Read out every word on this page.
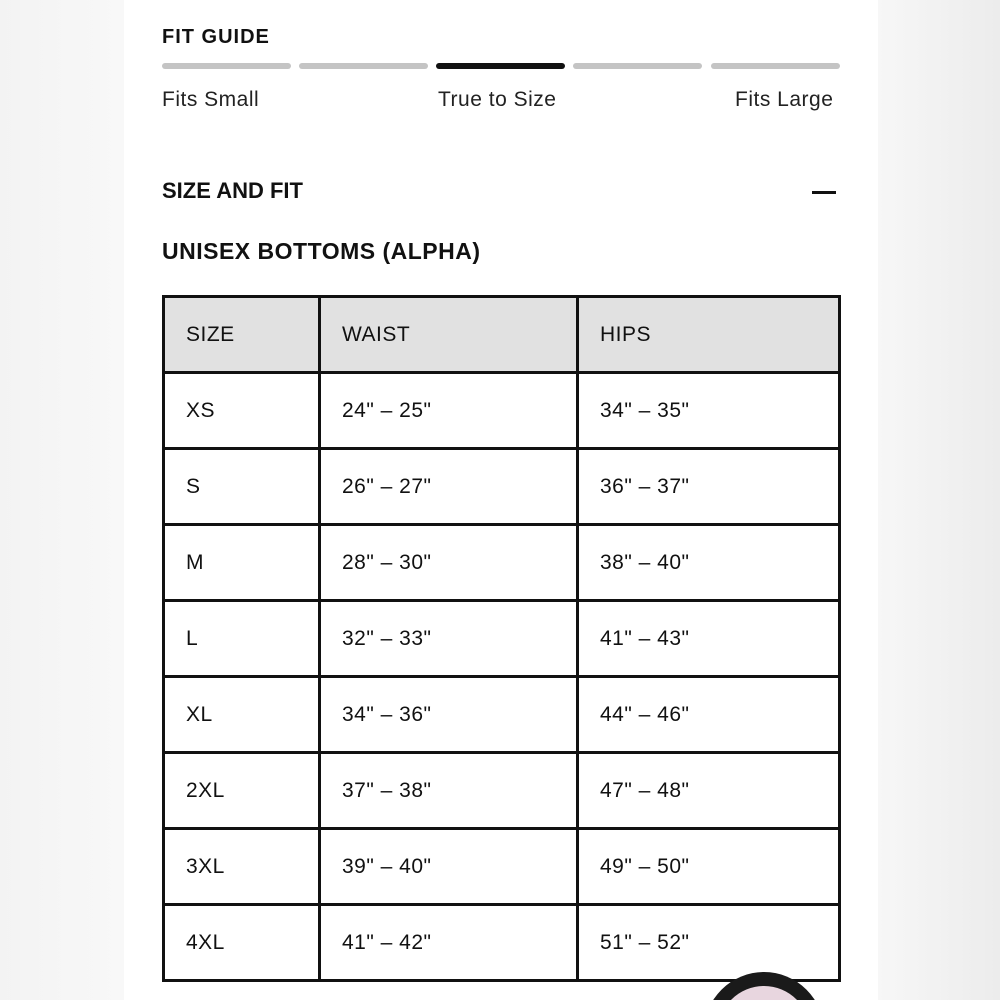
FIT GUIDE
Fits Small	True to Size	Fits Large
SIZE AND FIT
UNISEX BOTTOMS (ALPHA)
SIZE	WAIST	HIPS
XS	24" – 25"	34" – 35"
S	26" – 27"	36" – 37"
M	28" – 30"	38" – 40"
L	32" – 33"	41" – 43"
XL	34" – 36"	44" – 46"
2XL	37" – 38"	47" – 48"
3XL	39" – 40"	49" – 50"
4XL	41" – 42"	51" – 52"
